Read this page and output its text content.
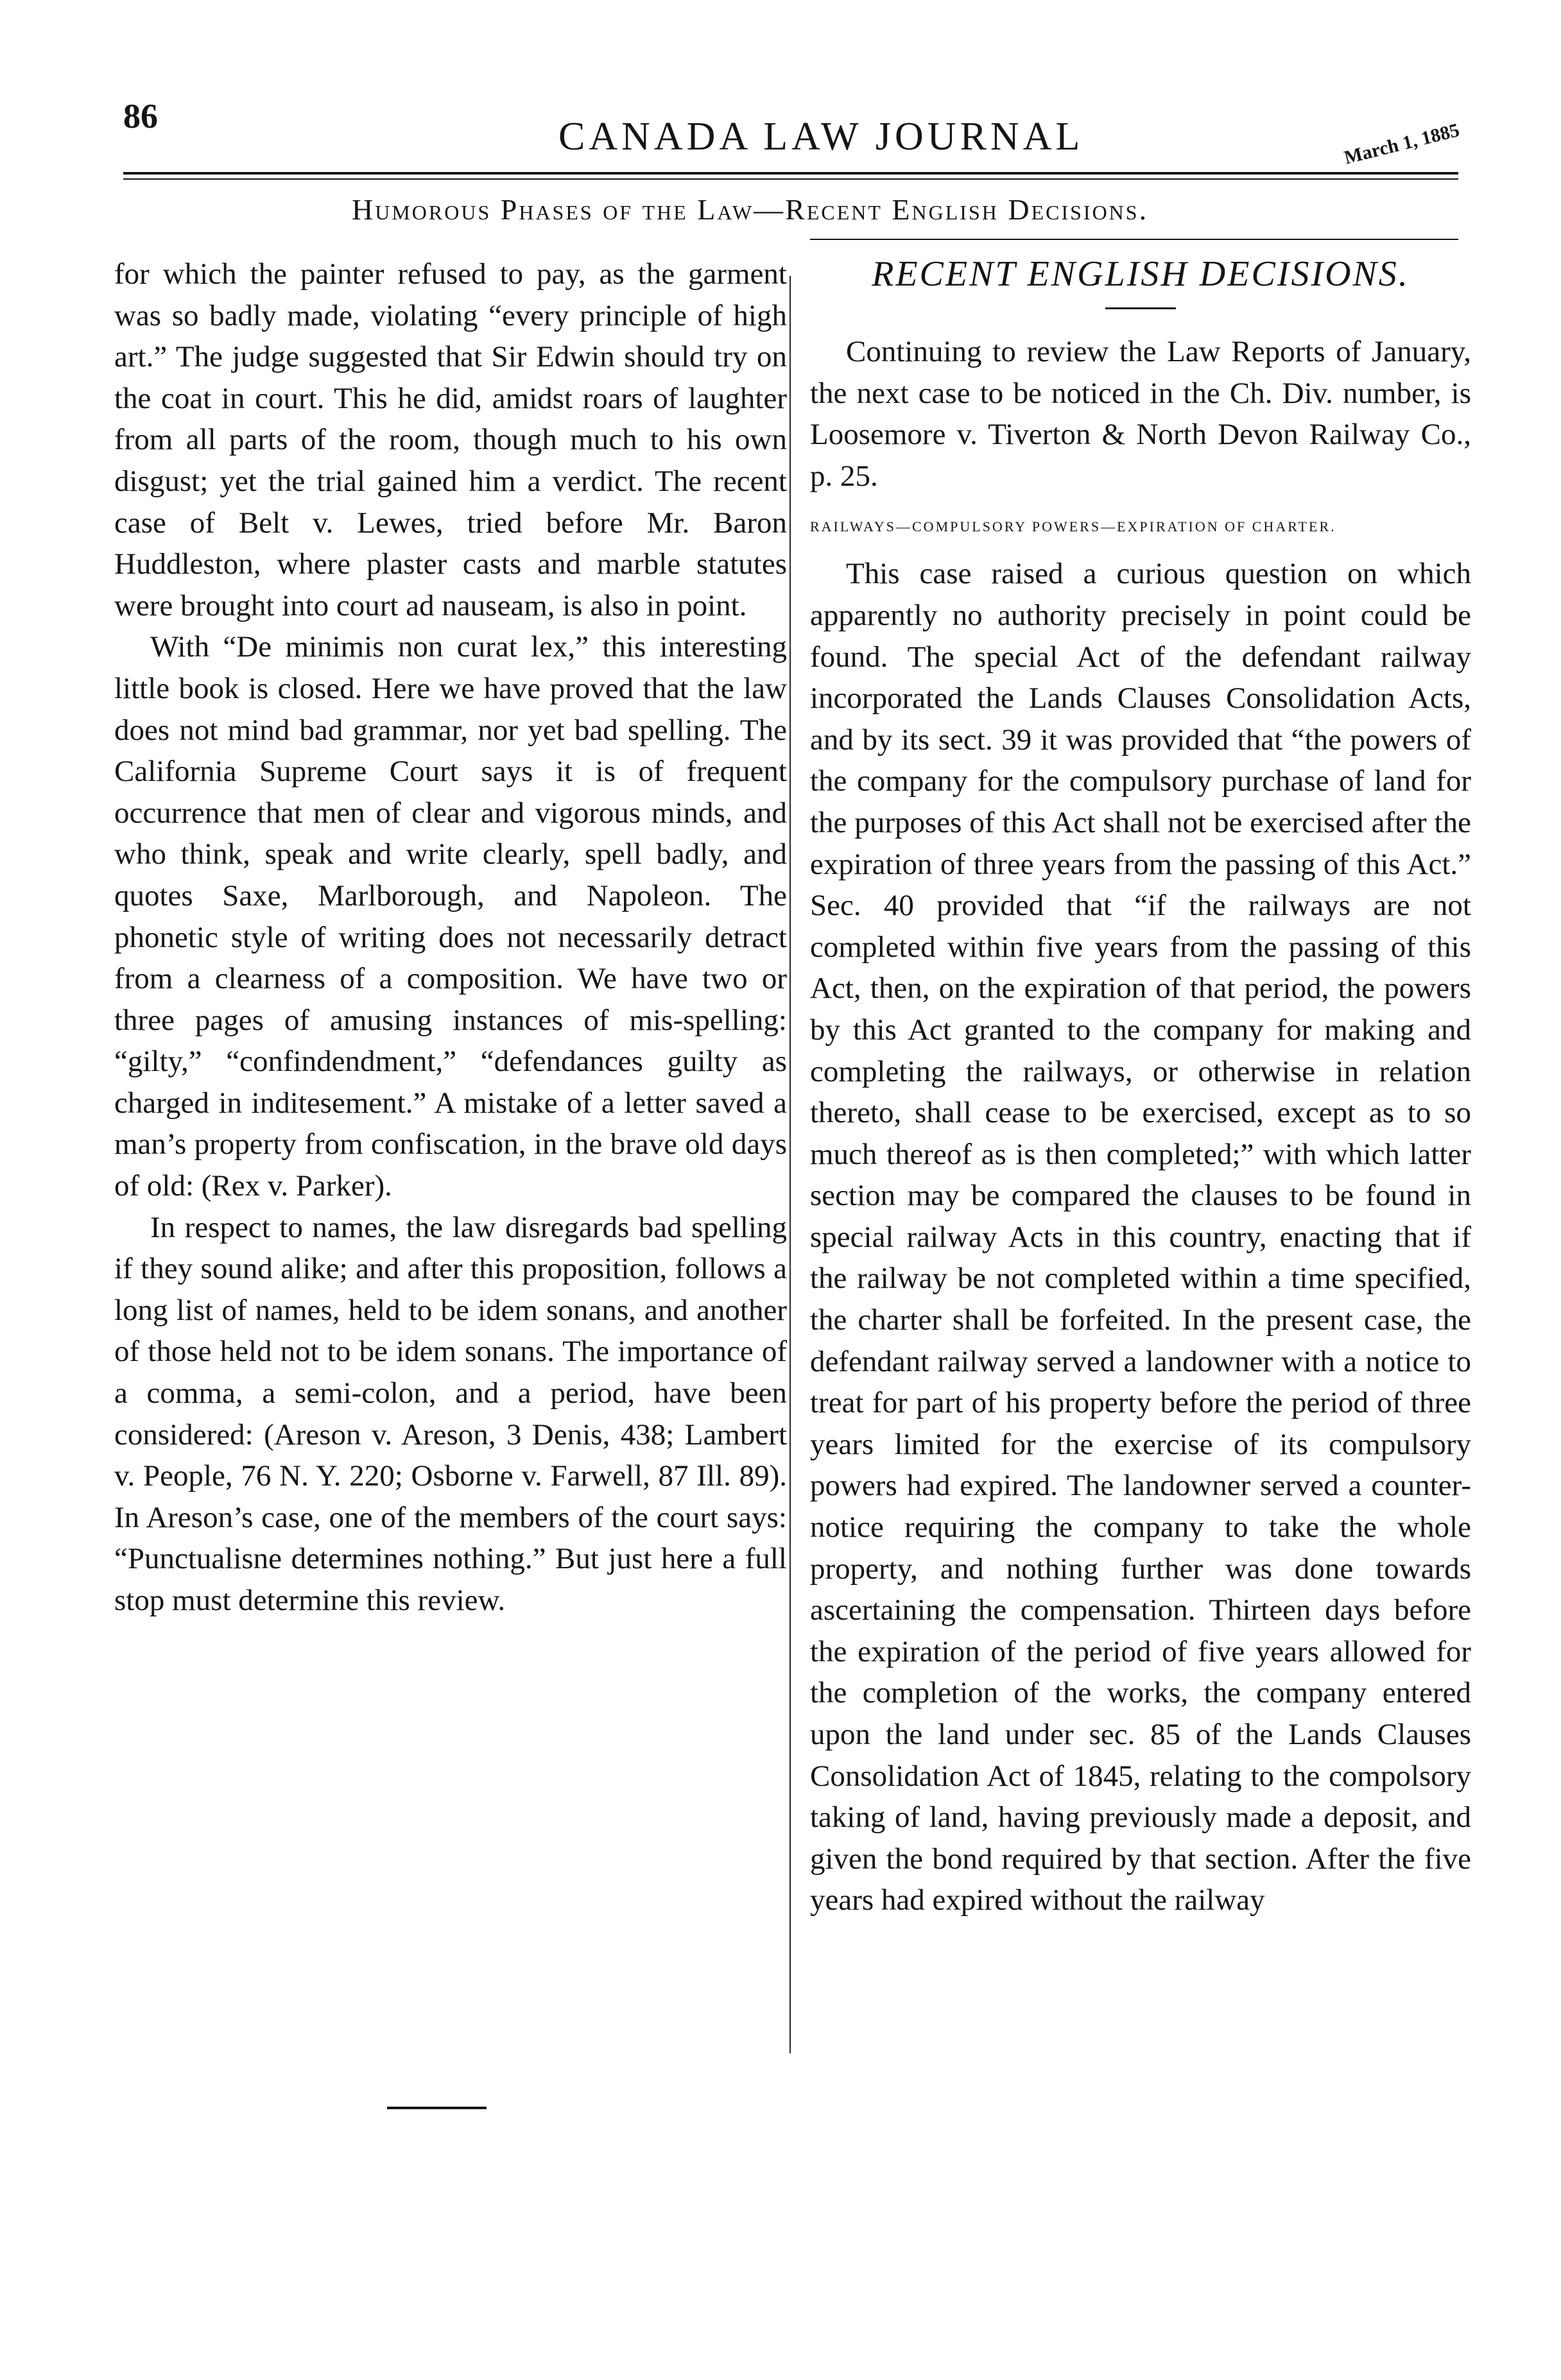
86	CANADA LAW JOURNAL	March 1, 1885
Humorous Phases of the Law—Recent English Decisions.

for which the painter refused to pay, as the garment was so badly made, violating “every principle of high art.” The judge suggested that Sir Edwin should try on the coat in court. This he did, amidst roars of laughter from all parts of the room, though much to his own disgust; yet the trial gained him a verdict. The recent case of Belt v. Lewes, tried before Mr. Baron Huddleston, where plaster casts and marble statutes were brought into court ad nauseam, is also in point.

With “De minimis non curat lex,” this interesting little book is closed. Here we have proved that the law does not mind bad grammar, nor yet bad spelling. The California Supreme Court says it is of frequent occurrence that men of clear and vigorous minds, and who think, speak and write clearly, spell badly, and quotes Saxe, Marlborough, and Napoleon. The phonetic style of writing does not necessarily detract from a clearness of a composition. We have two or three pages of amusing instances of mis-spelling: “gilty,” “confindendment,” “defendances guilty as charged in inditesement.” A mistake of a letter saved a man’s property from confiscation, in the brave old days of old: (Rex v. Parker).

In respect to names, the law disregards bad spelling if they sound alike; and after this proposition, follows a long list of names, held to be idem sonans, and another of those held not to be idem sonans. The importance of a comma, a semi-colon, and a period, have been considered: (Areson v. Areson, 3 Denis, 438; Lambert v. People, 76 N. Y. 220; Osborne v. Farwell, 87 Ill. 89). In Areson’s case, one of the members of the court says: “Punctualisne determines nothing.” But just here a full stop must determine this review.

RECENT ENGLISH DECISIONS.

Continuing to review the Law Reports of January, the next case to be noticed in the Ch. Div. number, is Loosemore v. Tiverton & North Devon Railway Co., p. 25.

RAILWAYS—COMPULSORY POWERS—EXPIRATION OF CHARTER.

This case raised a curious question on which apparently no authority precisely in point could be found. The special Act of the defendant railway incorporated the Lands Clauses Consolidation Acts, and by its sect. 39 it was provided that “the powers of the company for the compulsory purchase of land for the purposes of this Act shall not be exercised after the expiration of three years from the passing of this Act.” Sec. 40 provided that “if the railways are not completed within five years from the passing of this Act, then, on the expiration of that period, the powers by this Act granted to the company for making and completing the railways, or otherwise in relation thereto, shall cease to be exercised, except as to so much thereof as is then completed;” with which latter section may be compared the clauses to be found in special railway Acts in this country, enacting that if the railway be not completed within a time specified, the charter shall be forfeited. In the present case, the defendant railway served a landowner with a notice to treat for part of his property before the period of three years limited for the exercise of its compulsory powers had expired. The landowner served a counter-notice requiring the company to take the whole property, and nothing further was done towards ascertaining the compensation. Thirteen days before the expiration of the period of five years allowed for the completion of the works, the company entered upon the land under sec. 85 of the Lands Clauses Consolidation Act of 1845, relating to the compolsory taking of land, having previously made a deposit, and given the bond required by that section. After the five years had expired without the railway
